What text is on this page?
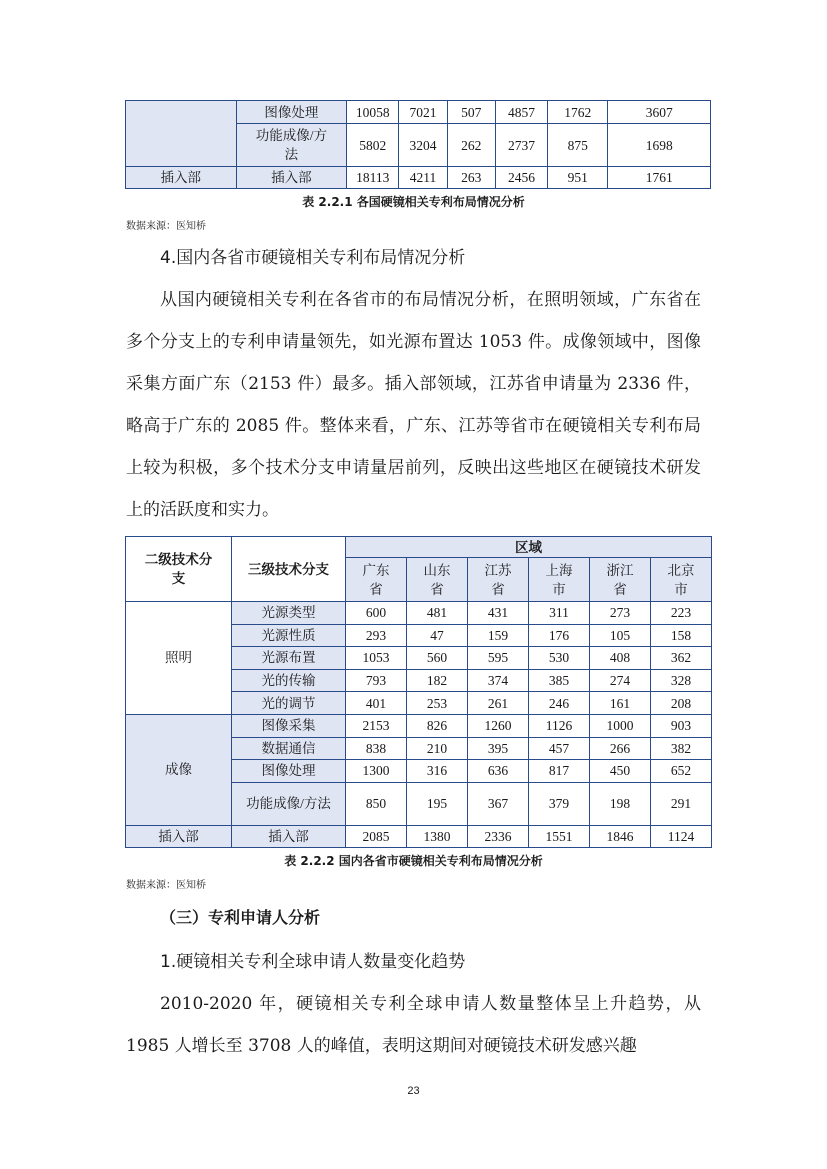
	图像处理	10058	7021	507	4857	1762	3607
	功能成像/方法	5802	3204	262	2737	875	1698
插入部	插入部	18113	4211	263	2456	951	1761
表 2.2.1 各国硬镜相关专利布局情况分析
数据来源：医知桥
4.国内各省市硬镜相关专利布局情况分析

从国内硬镜相关专利在各省市的布局情况分析，在照明领域，广东省在多个分支上的专利申请量领先，如光源布置达 1053 件。成像领域中，图像采集方面广东（2153 件）最多。插入部领域，江苏省申请量为 2336 件，略高于广东的 2085 件。整体来看，广东、江苏等省市在硬镜相关专利布局上较为积极，多个技术分支申请量居前列，反映出这些地区在硬镜技术研发上的活跃度和实力。

二级技术分支	三级技术分支	区域					
		广东省	山东省	江苏省	上海市	浙江省	北京市
照明	光源类型	600	481	431	311	273	223
	光源性质	293	47	159	176	105	158
	光源布置	1053	560	595	530	408	362
	光的传输	793	182	374	385	274	328
	光的调节	401	253	261	246	161	208
成像	图像采集	2153	826	1260	1126	1000	903
	数据通信	838	210	395	457	266	382
	图像处理	1300	316	636	817	450	652
	功能成像/方法	850	195	367	379	198	291
插入部	插入部	2085	1380	2336	1551	1846	1124
表 2.2.2 国内各省市硬镜相关专利布局情况分析
数据来源：医知桥
（三）专利申请人分析
1.硬镜相关专利全球申请人数量变化趋势

2010-2020 年，硬镜相关专利全球申请人数量整体呈上升趋势，从 1985 人增长至 3708 人的峰值，表明这期间对硬镜技术研发感兴趣

23
